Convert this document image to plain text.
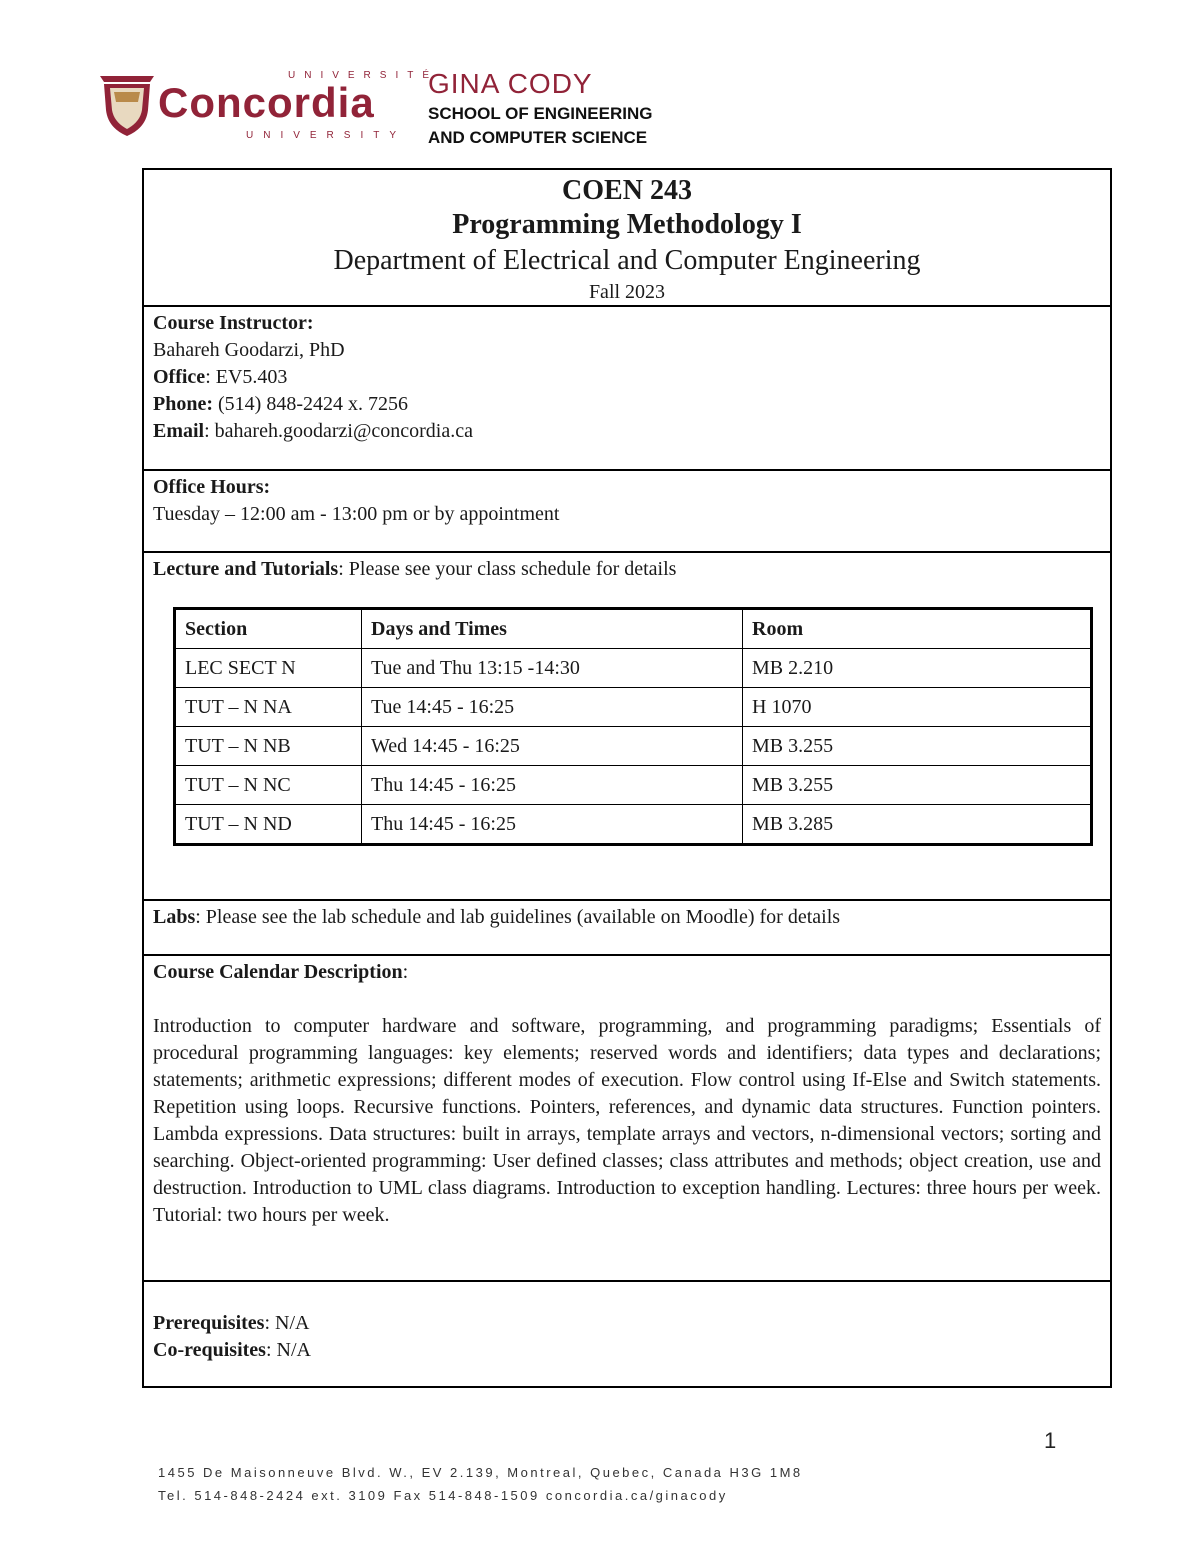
UNIVERSITÉ
Concordia
UNIVERSITY
GINA CODY
SCHOOL OF ENGINEERING
AND COMPUTER SCIENCE
COEN 243
Programming Methodology I
Department of Electrical and Computer Engineering
Fall 2023
Course Instructor:
Bahareh Goodarzi, PhD
Office: EV5.403
Phone: (514) 848-2424 x. 7256
Email: bahareh.goodarzi@concordia.ca
Office Hours:
Tuesday – 12:00 am - 13:00 pm or by appointment
Lecture and Tutorials: Please see your class schedule for details
Section	Days and Times	Room
LEC SECT N	Tue and Thu 13:15 -14:30	MB 2.210
TUT – N NA	Tue 14:45 - 16:25	H 1070
TUT – N NB	Wed 14:45 - 16:25	MB 3.255
TUT – N NC	Thu 14:45 - 16:25	MB 3.255
TUT – N ND	Thu 14:45 - 16:25	MB 3.285
Labs: Please see the lab schedule and lab guidelines (available on Moodle) for details
Course Calendar Description:
Introduction to computer hardware and software, programming, and programming paradigms; Essentials of procedural programming languages: key elements; reserved words and identifiers; data types and declarations; statements; arithmetic expressions; different modes of execution. Flow control using If-Else and Switch statements. Repetition using loops. Recursive functions. Pointers, references, and dynamic data structures. Function pointers. Lambda expressions. Data structures: built in arrays, template arrays and vectors, n-dimensional vectors; sorting and searching. Object-oriented programming: User defined classes; class attributes and methods; object creation, use and destruction. Introduction to UML class diagrams. Introduction to exception handling. Lectures: three hours per week. Tutorial: two hours per week.
Prerequisites: N/A
Co-requisites: N/A
1
1455 De Maisonneuve Blvd. W., EV 2.139, Montreal, Quebec, Canada H3G 1M8
Tel. 514-848-2424 ext. 3109 Fax 514-848-1509 concordia.ca/ginacody
